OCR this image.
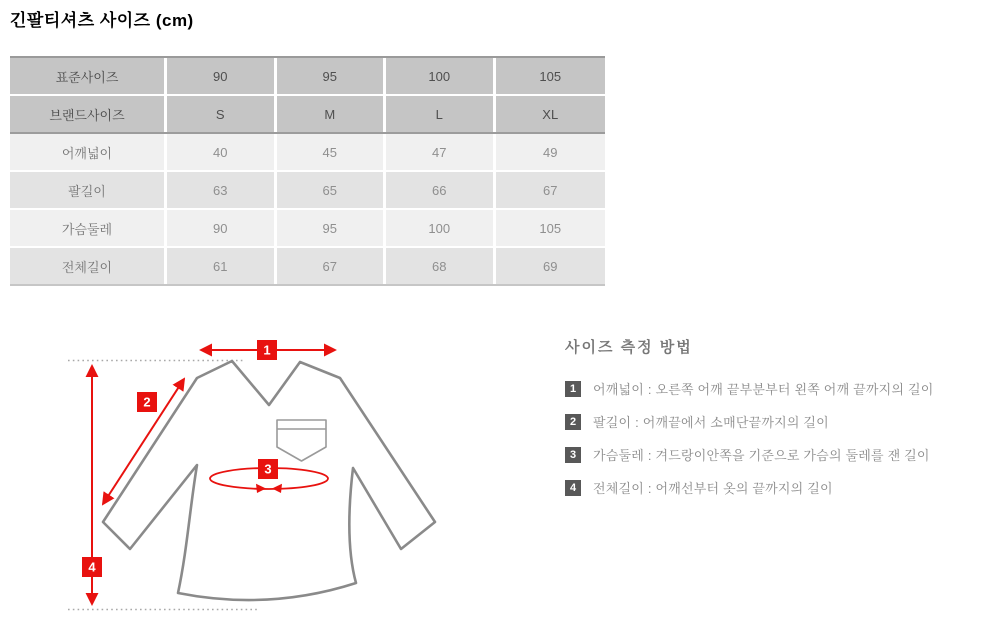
긴팔티셔츠 사이즈 (cm)
표준사이즈	90	95	100	105
브랜드사이즈	S	M	L	XL
어깨넓이	40	45	47	49
팔길이	63	65	66	67
가슴둘레	90	95	100	105
전체길이	61	67	68	69
1
2
3
4
사이즈 측정 방법
1	어깨넓이 : 오른쪽 어깨 끝부분부터 왼쪽 어깨 끝까지의 길이
2	팔길이 : 어깨끝에서 소매단끝까지의 길이
3	가슴둘레 : 겨드랑이안쪽을 기준으로 가슴의 둘레를 잰 길이
4	전체길이 : 어깨선부터 옷의 끝까지의 길이
